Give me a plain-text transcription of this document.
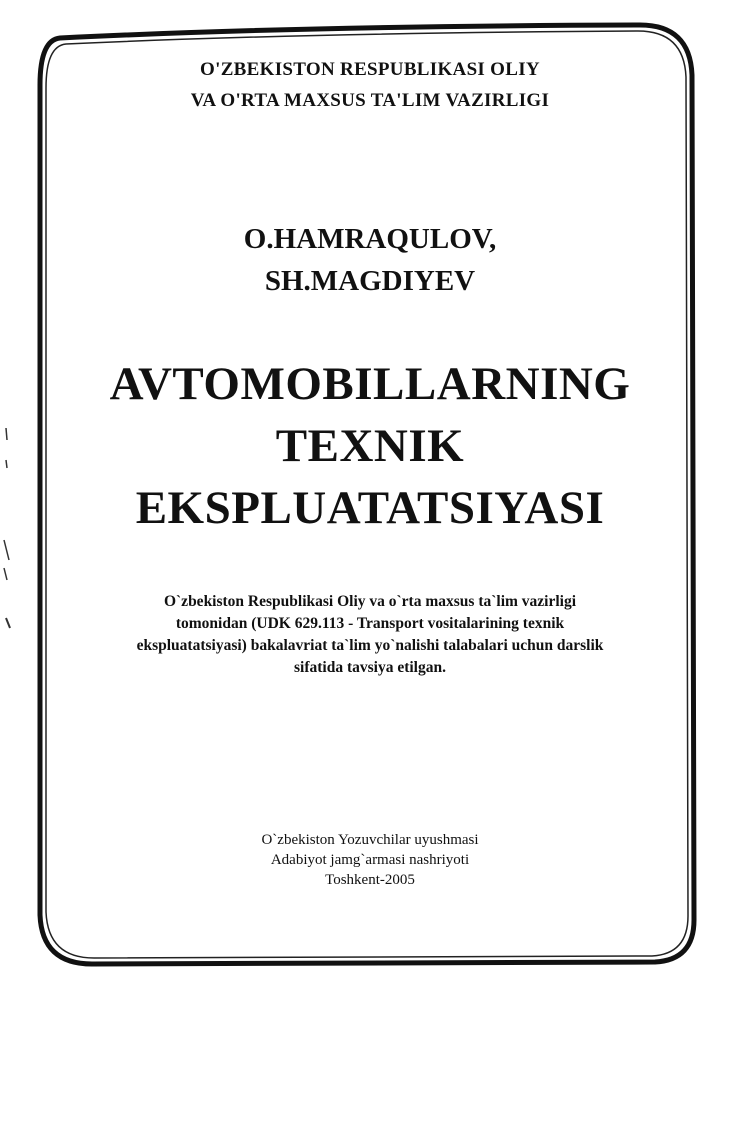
O'ZBEKISTON RESPUBLIKASI OLIY
VA O'RTA MAXSUS TA'LIM VAZIRLIGI
O.HAMRAQULOV,
SH.MAGDIYEV
AVTOMOBILLARNING
TEXNIK
EKSPLUATATSIYASI
O`zbekiston Respublikasi Oliy va o`rta maxsus ta`lim vazirligi
tomonidan (UDK 629.113 - Transport vositalarining texnik
ekspluatatsiyasi) bakalavriat ta`lim yo`nalishi talabalari uchun darslik
sifatida tavsiya etilgan.
O`zbekiston Yozuvchilar uyushmasi
Adabiyot jamg`armasi nashriyoti
Toshkent-2005
